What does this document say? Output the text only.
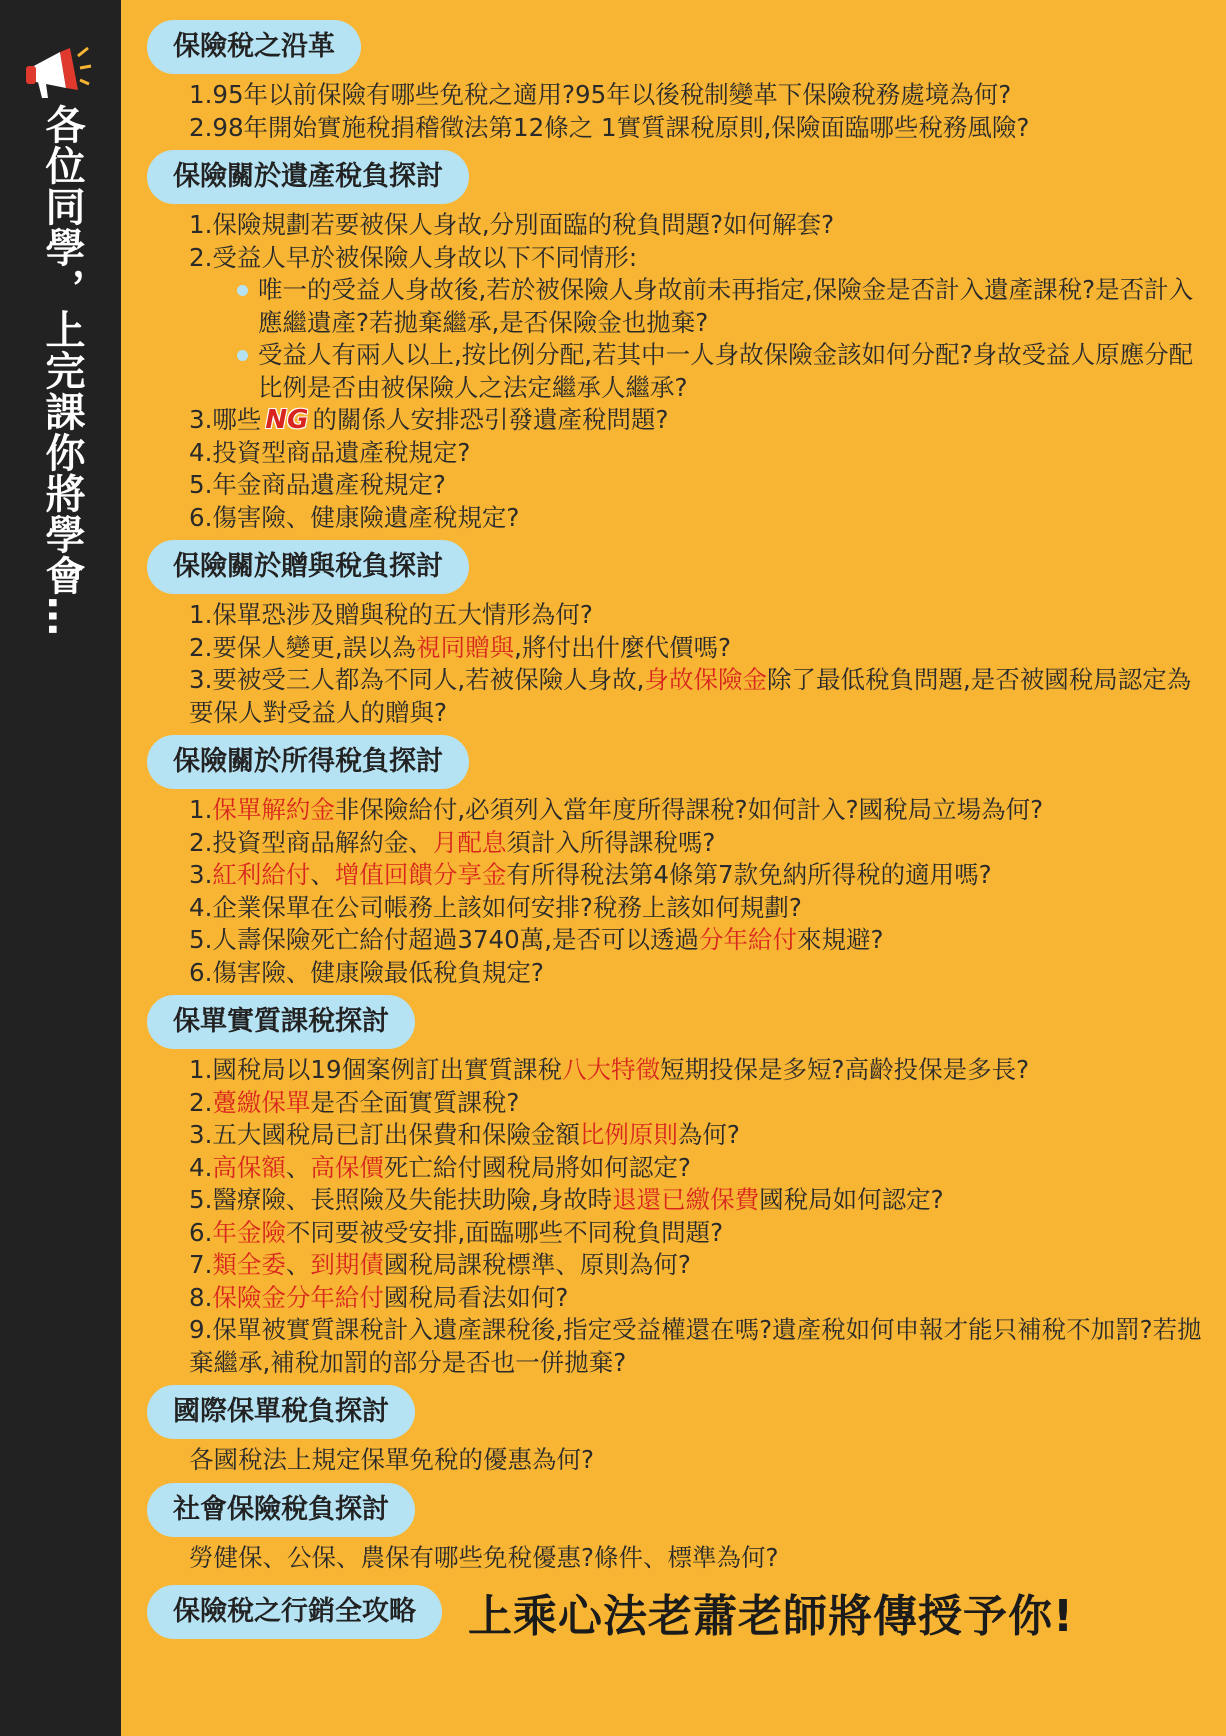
各位同學，上完課你將學會…
保險稅之沿革
1.95年以前保險有哪些免稅之適用?95年以後稅制變革下保險稅務處境為何?
2.98年開始實施稅捐稽徵法第12條之 1實質課稅原則,保險面臨哪些稅務風險?
保險關於遺產稅負探討
1.保險規劃若要被保人身故,分別面臨的稅負問題?如何解套?
2.受益人早於被保險人身故以下不同情形:
唯一的受益人身故後,若於被保險人身故前未再指定,保險金是否計入遺產課稅?是否計入應繼遺產?若拋棄繼承,是否保險金也拋棄?
受益人有兩人以上,按比例分配,若其中一人身故保險金該如何分配?身故受益人原應分配比例是否由被保險人之法定繼承人繼承?
3.哪些 NG 的關係人安排恐引發遺產稅問題?
4.投資型商品遺產稅規定?
5.年金商品遺產稅規定?
6.傷害險、健康險遺產稅規定?
保險關於贈與稅負探討
1.保單恐涉及贈與稅的五大情形為何?
2.要保人變更,誤以為視同贈與,將付出什麼代價嗎?
3.要被受三人都為不同人,若被保險人身故,身故保險金除了最低稅負問題,是否被國稅局認定為要保人對受益人的贈與?
保險關於所得稅負探討
1.保單解約金非保險給付,必須列入當年度所得課稅?如何計入?國稅局立場為何?
2.投資型商品解約金、月配息須計入所得課稅嗎?
3.紅利給付、增值回饋分享金有所得稅法第4條第7款免納所得稅的適用嗎?
4.企業保單在公司帳務上該如何安排?稅務上該如何規劃?
5.人壽保險死亡給付超過3740萬,是否可以透過分年給付來規避?
6.傷害險、健康險最低稅負規定?
保單實質課稅探討
1.國稅局以19個案例訂出實質課稅八大特徵短期投保是多短?高齡投保是多長?
2.躉繳保單是否全面實質課稅?
3.五大國稅局已訂出保費和保險金額比例原則為何?
4.高保額、高保價死亡給付國稅局將如何認定?
5.醫療險、長照險及失能扶助險,身故時退還已繳保費國稅局如何認定?
6.年金險不同要被受安排,面臨哪些不同稅負問題?
7.類全委、到期債國稅局課稅標準、原則為何?
8.保險金分年給付國稅局看法如何?
9.保單被實質課稅計入遺產課稅後,指定受益權還在嗎?遺產稅如何申報才能只補稅不加罰?若拋棄繼承,補稅加罰的部分是否也一併拋棄?
國際保單稅負探討
各國稅法上規定保單免稅的優惠為何?
社會保險稅負探討
勞健保、公保、農保有哪些免稅優惠?條件、標準為何?
保險稅之行銷全攻略	上乘心法老蕭老師將傳授予你!
